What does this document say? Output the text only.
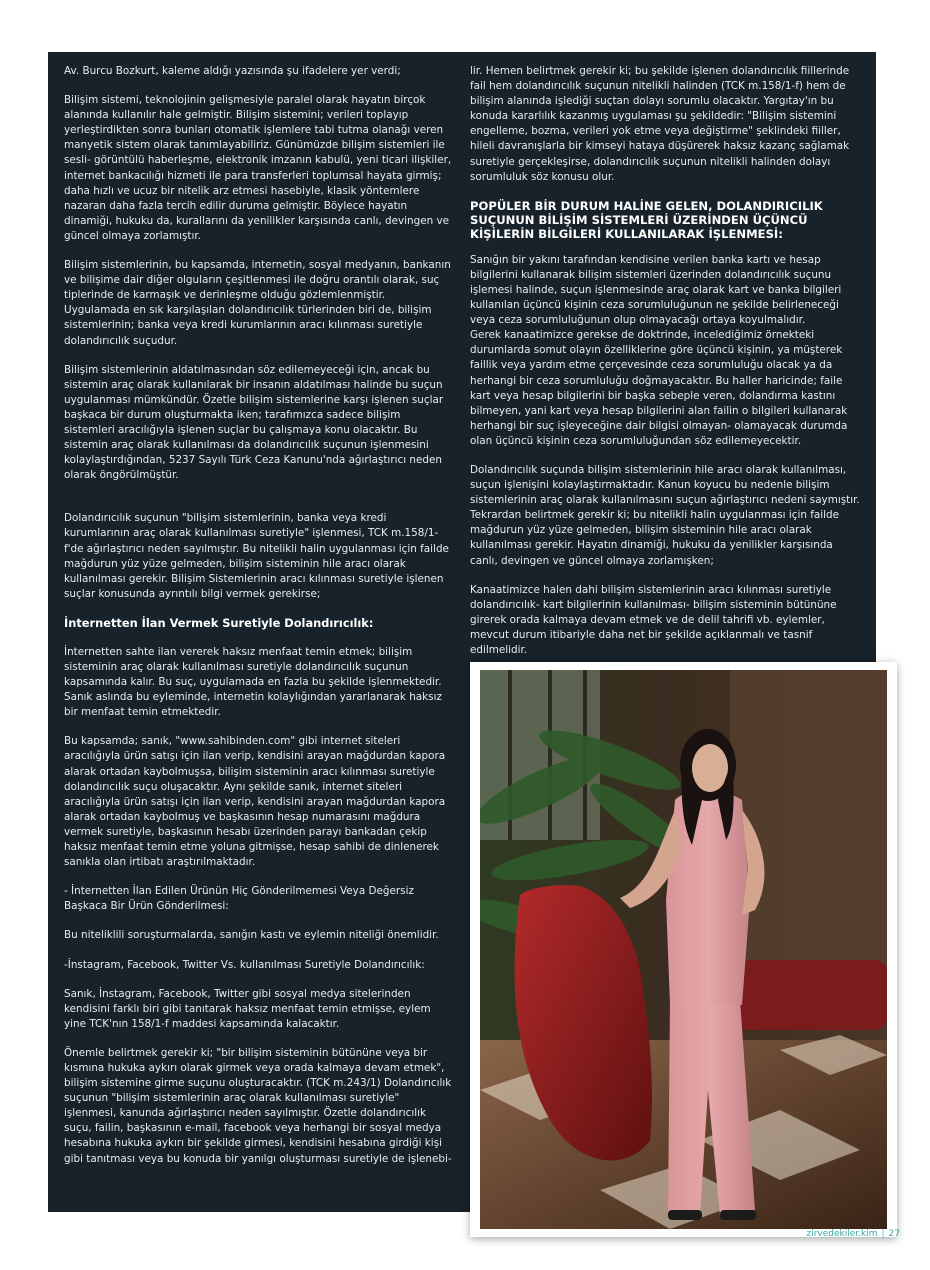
Av. Burcu Bozkurt, kaleme aldığı yazısında şu ifadelere yer verdi;

Bilişim sistemi, teknolojinin gelişmesiyle paralel olarak hayatın birçok alanında kullanılır hale gelmiştir. Bilişim sistemini; verileri toplayıp yerleştirdikten sonra bunları otomatik işlemlere tabi tutma olanağı veren manyetik sistem olarak tanımlayabiliriz. Günümüzde bilişim sistemleri ile sesli- görüntülü haberleşme, elektronik imzanın kabulü, yeni ticari ilişkiler, internet bankacılığı hizmeti ile para transferleri toplumsal hayata girmiş; daha hızlı ve ucuz bir nitelik arz etmesi hasebiyle, klasik yöntemlere nazaran daha fazla tercih edilir duruma gelmiştir. Böylece hayatın dinamiği, hukuku da, kurallarını da yenilikler karşısında canlı, devingen ve güncel olmaya zorlamıştır.

Bilişim sistemlerinin, bu kapsamda, internetin, sosyal medyanın, bankanın ve bilişime dair diğer olguların çeşitlenmesi ile doğru orantılı olarak, suç tiplerinde de karmaşık ve derinleşme olduğu gözlemlenmiştir. Uygulamada en sık karşılaşılan dolandırıcılık türlerinden biri de, bilişim sistemlerinin; banka veya kredi kurumlarının aracı kılınması suretiyle dolandırıcılık suçudur.

Bilişim sistemlerinin aldatılmasından söz edilemeyeceği için, ancak bu sistemin araç olarak kullanılarak bir insanın aldatılması halinde bu suçun uygulanması mümkündür. Özetle bilişim sistemlerine karşı işlenen suçlar başkaca bir durum oluşturmakta iken; tarafımızca sadece bilişim sistemleri aracılığıyla işlenen suçlar bu çalışmaya konu olacaktır. Bu sistemin araç olarak kullanılması da dolandırıcılık suçunun işlenmesini kolaylaştırdığından, 5237 Sayılı Türk Ceza Kanunu'nda ağırlaştırıcı neden olarak öngörülmüştür.

Dolandırıcılık suçunun "bilişim sistemlerinin, banka veya kredi kurumlarının araç olarak kullanılması suretiyle" işlenmesi, TCK m.158/1- f'de ağırlaştırıcı neden sayılmıştır. Bu nitelikli halin uygulanması için failde mağdurun yüz yüze gelmeden, bilişim sisteminin hile aracı olarak kullanılması gerekir. Bilişim Sistemlerinin aracı kılınması suretiyle işlenen suçlar konusunda ayrıntılı bilgi vermek gerekirse;

İnternetten İlan Vermek Suretiyle Dolandırıcılık:

İnternetten sahte ilan vererek haksız menfaat temin etmek; bilişim sisteminin araç olarak kullanılması suretiyle dolandırıcılık suçunun kapsamında kalır. Bu suç, uygulamada en fazla bu şekilde işlenmektedir. Sanık aslında bu eyleminde, internetin kolaylığından yararlanarak haksız bir menfaat temin etmektedir.

Bu kapsamda; sanık, "www.sahibinden.com" gibi internet siteleri aracılığıyla ürün satışı için ilan verip, kendisini arayan mağdurdan kapora alarak ortadan kaybolmuşsa, bilişim sisteminin aracı kılınması suretiyle dolandırıcılık suçu oluşacaktır. Aynı şekilde sanık, internet siteleri aracılığıyla ürün satışı için ilan verip, kendisini arayan mağdurdan kapora alarak ortadan kaybolmuş ve başkasının hesap numarasını mağdura vermek suretiyle, başkasının hesabı üzerinden parayı bankadan çekip haksız menfaat temin etme yoluna gitmişse, hesap sahibi de dinlenerek sanıkla olan irtibatı araştırılmaktadır.

- İnternetten İlan Edilen Ürünün Hiç Gönderilmemesi Veya Değersiz Başkaca Bir Ürün Gönderilmesi:

Bu niteliklili soruşturmalarda, sanığın kastı ve eylemin niteliği önemlidir.

-İnstagram, Facebook, Twitter Vs. kullanılması Suretiyle Dolandırıcılık:

Sanık, İnstagram, Facebook, Twitter gibi sosyal medya sitelerinden kendisini farklı biri gibi tanıtarak haksız menfaat temin etmişse, eylem yine TCK'nın 158/1-f maddesi kapsamında kalacaktır.

Önemle belirtmek gerekir ki; "bir bilişim sisteminin bütününe veya bir kısmına hukuka aykırı olarak girmek veya orada kalmaya devam etmek", bilişim sistemine girme suçunu oluşturacaktır. (TCK m.243/1) Dolandırıcılık suçunun "bilişim sistemlerinin araç olarak kullanılması suretiyle" işlenmesi, kanunda ağırlaştırıcı neden sayılmıştır. Özetle dolandırıcılık suçu, failin, başkasının e-mail, facebook veya herhangi bir sosyal medya hesabına hukuka aykırı bir şekilde girmesi, kendisini hesabına girdiği kişi gibi tanıtması veya bu konuda bir yanılgı oluşturması suretiyle de işlenebi-

lir. Hemen belirtmek gerekir ki; bu şekilde işlenen dolandırıcılık fiillerinde fail hem dolandırıcılık suçunun nitelikli halinden (TCK m.158/1-f) hem de bilişim alanında işlediği suçtan dolayı sorumlu olacaktır. Yargıtay'ın bu konuda kararlılık kazanmış uygulaması şu şekildedir: "Bilişim sistemini engelleme, bozma, verileri yok etme veya değiştirme" şeklindeki fiiller, hileli davranışlarla bir kimseyi hataya düşürerek haksız kazanç sağlamak suretiyle gerçekleşirse, dolandırıcılık suçunun nitelikli halinden dolayı sorumluluk söz konusu olur.

POPÜLER BİR DURUM HALİNE GELEN, DOLANDIRICILIK SUÇUNUN BİLİŞİM SİSTEMLERİ ÜZERİNDEN ÜÇÜNCÜ KİŞİLERİN BİLGİLERİ KULLANILARAK İŞLENMESİ:

Sanığın bir yakını tarafından kendisine verilen banka kartı ve hesap bilgilerini kullanarak bilişim sistemleri üzerinden dolandırıcılık suçunu işlemesi halinde, suçun işlenmesinde araç olarak kart ve banka bilgileri kullanılan üçüncü kişinin ceza sorumluluğunun ne şekilde belirleneceği veya ceza sorumluluğunun olup olmayacağı ortaya koyulmalıdır.

Gerek kanaatimizce gerekse de doktrinde, incelediğimiz örnekteki durumlarda somut olayın özelliklerine göre üçüncü kişinin, ya müşterek faillik veya yardım etme çerçevesinde ceza sorumluluğu olacak ya da herhangi bir ceza sorumluluğu doğmayacaktır. Bu haller haricinde; faile kart veya hesap bilgilerini bir başka sebeple veren, dolandırma kastını bilmeyen, yani kart veya hesap bilgilerini alan failin o bilgileri kullanarak herhangi bir suç işleyeceğine dair bilgisi olmayan- olamayacak durumda olan üçüncü kişinin ceza sorumluluğundan söz edilemeyecektir.

Dolandırıcılık suçunda bilişim sistemlerinin hile aracı olarak kullanılması, suçun işlenişini kolaylaştırmaktadır. Kanun koyucu bu nedenle bilişim sistemlerinin araç olarak kullanılmasını suçun ağırlaştırıcı nedeni saymıştır. Tekrardan belirtmek gerekir ki; bu nitelikli halin uygulanması için failde mağdurun yüz yüze gelmeden, bilişim sisteminin hile aracı olarak kullanılması gerekir. Hayatın dinamiği, hukuku da yenilikler karşısında canlı, devingen ve güncel olmaya zorlamışken;

Kanaatimizce halen dahi bilişim sistemlerinin aracı kılınması suretiyle dolandırıcılık- kart bilgilerinin kullanılması- bilişim sisteminin bütününe girerek orada kalmaya devam etmek ve de delil tahrifi vb. eylemler, mevcut durum itibariyle daha net bir şekilde açıklanmalı ve tasnif edilmelidir.

zirvedekiler.kim | 27
